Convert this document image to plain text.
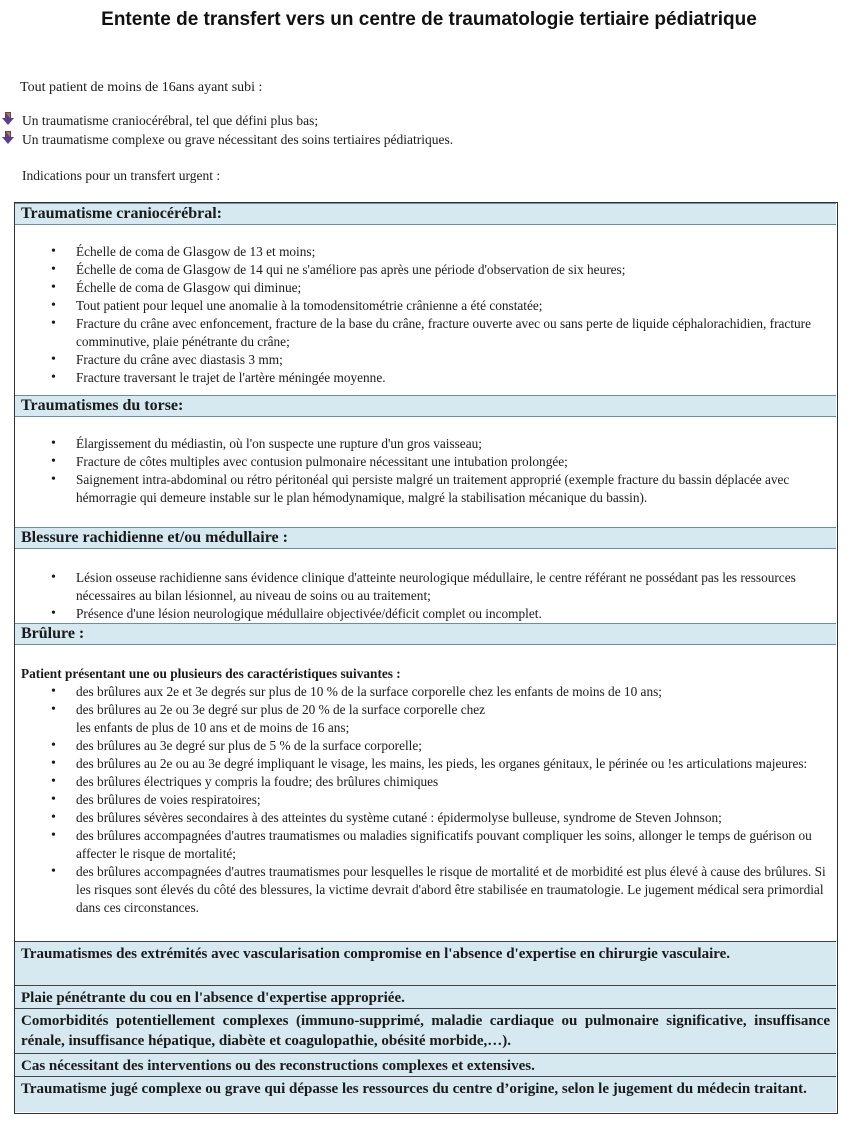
Entente de transfert vers un centre de traumatologie tertiaire pédiatrique
Tout patient de moins de 16ans ayant subi :
Un traumatisme craniocérébral, tel que défini plus bas;
Un traumatisme complexe ou grave nécessitant des soins tertiaires pédiatriques.
Indications pour un transfert urgent :
Traumatisme craniocérébral:
• Échelle de coma de Glasgow de 13 et moins;
• Échelle de coma de Glasgow de 14 qui ne s'améliore pas après une période d'observation de six heures;
• Échelle de coma de Glasgow qui diminue;
• Tout patient pour lequel une anomalie à la tomodensitométrie crânienne a été constatée;
• Fracture du crâne avec enfoncement, fracture de la base du crâne, fracture ouverte avec ou sans perte de liquide céphalorachidien, fracture comminutive, plaie pénétrante du crâne;
• Fracture du crâne avec diastasis 3 mm;
• Fracture traversant le trajet de l'artère méningée moyenne.
Traumatismes du torse:
• Élargissement du médiastin, où l'on suspecte une rupture d'un gros vaisseau;
• Fracture de côtes multiples avec contusion pulmonaire nécessitant une intubation prolongée;
• Saignement intra-abdominal ou rétro péritonéal qui persiste malgré un traitement approprié (exemple fracture du bassin déplacée avec hémorragie qui demeure instable sur le plan hémodynamique, malgré la stabilisation mécanique du bassin).
Blessure rachidienne et/ou médullaire :
• Lésion osseuse rachidienne sans évidence clinique d'atteinte neurologique médullaire, le centre référant ne possédant pas les ressources nécessaires au bilan lésionnel, au niveau de soins ou au traitement;
• Présence d'une lésion neurologique médullaire objectivée/déficit complet ou incomplet.
Brûlure :
Patient présentant une ou plusieurs des caractéristiques suivantes :
• des brûlures aux 2e et 3e degrés sur plus de 10 % de la surface corporelle chez les enfants de moins de 10 ans;
• des brûlures au 2e ou 3e degré sur plus de 20 % de la surface corporelle chez
les enfants de plus de 10 ans et de moins de 16 ans;
• des brûlures au 3e degré sur plus de 5 % de la surface corporelle;
• des brûlures au 2e ou au 3e degré impliquant le visage, les mains, les pieds, les organes génitaux, le périnée ou !es articulations majeures:
• des brûlures électriques y compris la foudre; des brûlures chimiques
• des brûlures de voies respiratoires;
• des brûlures sévères secondaires à des atteintes du système cutané : épidermolyse bulleuse, syndrome de Steven Johnson;
• des brûlures accompagnées d'autres traumatismes ou maladies significatifs pouvant compliquer les soins, allonger le temps de guérison ou affecter le risque de mortalité;
• des brûlures accompagnées d'autres traumatismes pour lesquelles le risque de mortalité et de morbidité est plus élevé à cause des brûlures. Si les risques sont élevés du côté des blessures, la victime devrait d'abord être stabilisée en traumatologie. Le jugement médical sera primordial dans ces circonstances.
Traumatismes des extrémités avec vascularisation compromise en l'absence d'expertise en chirurgie vasculaire.
Plaie pénétrante du cou en l'absence d'expertise appropriée.
Comorbidités potentiellement complexes (immuno-supprimé, maladie cardiaque ou pulmonaire significative, insuffisance rénale, insuffisance hépatique, diabète et coagulopathie, obésité morbide,…).
Cas nécessitant des interventions ou des reconstructions complexes et extensives.
Traumatisme jugé complexe ou grave qui dépasse les ressources du centre d’origine, selon le jugement du médecin traitant.
